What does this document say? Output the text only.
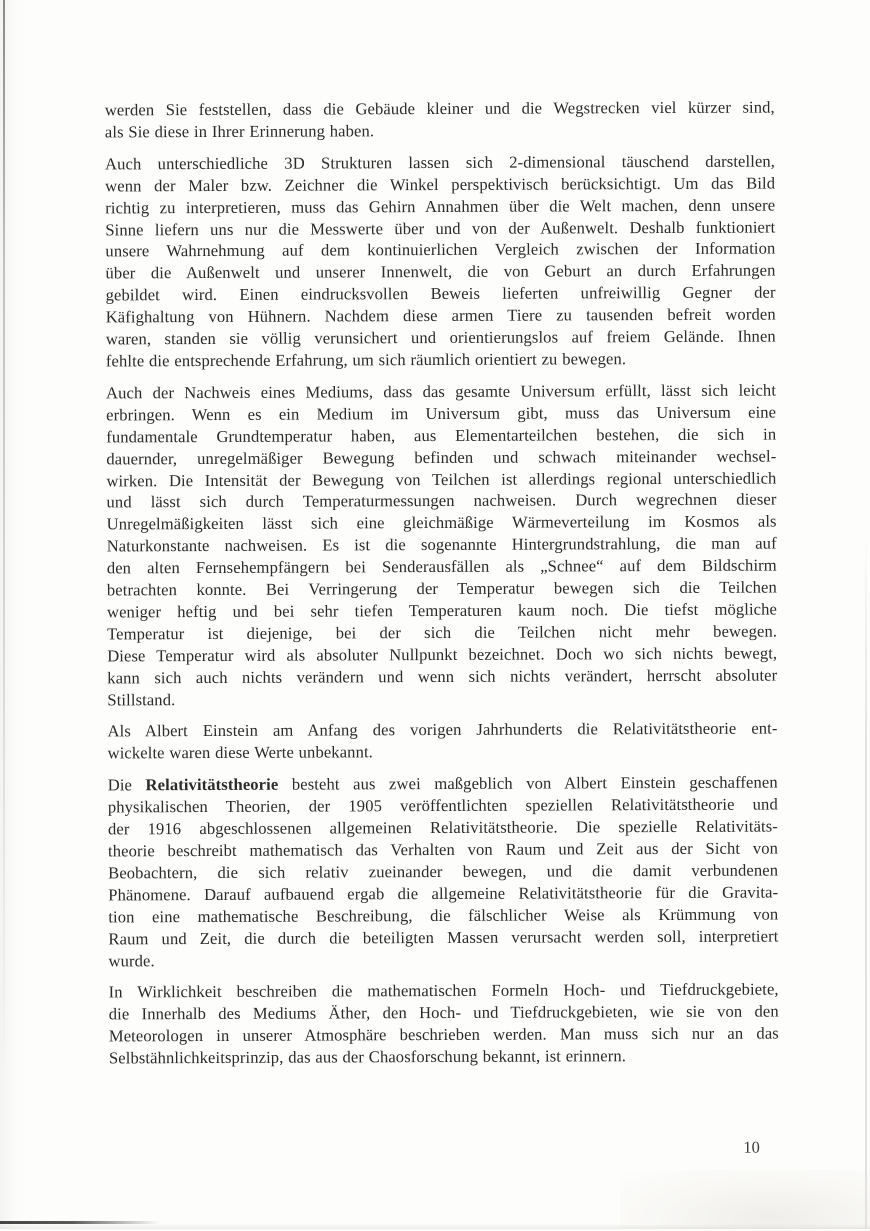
werden Sie feststellen, dass die Gebäude kleiner und die Wegstrecken viel kürzer sind,
als Sie diese in Ihrer Erinnerung haben.
Auch unterschiedliche 3D Strukturen lassen sich 2-dimensional täuschend darstellen,
wenn der Maler bzw. Zeichner die Winkel perspektivisch berücksichtigt. Um das Bild
richtig zu interpretieren, muss das Gehirn Annahmen über die Welt machen, denn unsere
Sinne liefern uns nur die Messwerte über und von der Außenwelt. Deshalb funktioniert
unsere Wahrnehmung auf dem kontinuierlichen Vergleich zwischen der Information
über die Außenwelt und unserer Innenwelt, die von Geburt an durch Erfahrungen
gebildet wird. Einen eindrucksvollen Beweis lieferten unfreiwillig Gegner der
Käfighaltung von Hühnern. Nachdem diese armen Tiere zu tausenden befreit worden
waren, standen sie völlig verunsichert und orientierungslos auf freiem Gelände. Ihnen
fehlte die entsprechende Erfahrung, um sich räumlich orientiert zu bewegen.
Auch der Nachweis eines Mediums, dass das gesamte Universum erfüllt, lässt sich leicht
erbringen. Wenn es ein Medium im Universum gibt, muss das Universum eine
fundamentale Grundtemperatur haben, aus Elementarteilchen bestehen, die sich in
dauernder, unregelmäßiger Bewegung befinden und schwach miteinander wechsel-
wirken. Die Intensität der Bewegung von Teilchen ist allerdings regional unterschiedlich
und lässt sich durch Temperaturmessungen nachweisen. Durch wegrechnen dieser
Unregelmäßigkeiten lässt sich eine gleichmäßige Wärmeverteilung im Kosmos als
Naturkonstante nachweisen. Es ist die sogenannte Hintergrundstrahlung, die man auf
den alten Fernsehempfängern bei Senderausfällen als „Schnee“ auf dem Bildschirm
betrachten konnte. Bei Verringerung der Temperatur bewegen sich die Teilchen
weniger heftig und bei sehr tiefen Temperaturen kaum noch. Die tiefst mögliche
Temperatur ist diejenige, bei der sich die Teilchen nicht mehr bewegen.
Diese Temperatur wird als absoluter Nullpunkt bezeichnet. Doch wo sich nichts bewegt,
kann sich auch nichts verändern und wenn sich nichts verändert, herrscht absoluter
Stillstand.
Als Albert Einstein am Anfang des vorigen Jahrhunderts die Relativitätstheorie ent-
wickelte waren diese Werte unbekannt.
Die Relativitätstheorie besteht aus zwei maßgeblich von Albert Einstein geschaffenen
physikalischen Theorien, der 1905 veröffentlichten speziellen Relativitätstheorie und
der 1916 abgeschlossenen allgemeinen Relativitätstheorie. Die spezielle Relativitäts-
theorie beschreibt mathematisch das Verhalten von Raum und Zeit aus der Sicht von
Beobachtern, die sich relativ zueinander bewegen, und die damit verbundenen
Phänomene. Darauf aufbauend ergab die allgemeine Relativitätstheorie für die Gravita-
tion eine mathematische Beschreibung, die fälschlicher Weise als Krümmung von
Raum und Zeit, die durch die beteiligten Massen verursacht werden soll, interpretiert
wurde.
In Wirklichkeit beschreiben die mathematischen Formeln Hoch- und Tiefdruckgebiete,
die Innerhalb des Mediums Äther, den Hoch- und Tiefdruckgebieten, wie sie von den
Meteorologen in unserer Atmosphäre beschrieben werden. Man muss sich nur an das
Selbstähnlichkeitsprinzip, das aus der Chaosforschung bekannt, ist erinnern.
10
